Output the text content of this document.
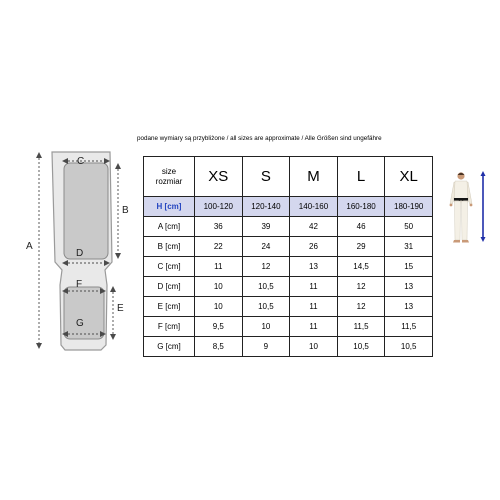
podane wymiary są przybliżone / all sizes are approximate / Alle Größen sind ungefähre
A
B
C
D
E
F
G
size
rozmiar	XS	S	M	L	XL
H [cm]	100-120	120-140	140-160	160-180	180-190
A [cm]	36	39	42	46	50
B [cm]	22	24	26	29	31
C [cm]	11	12	13	14,5	15
D [cm]	10	10,5	11	12	13
E [cm]	10	10,5	11	12	13
F [cm]	9,5	10	11	11,5	11,5
G [cm]	8,5	9	10	10,5	10,5
